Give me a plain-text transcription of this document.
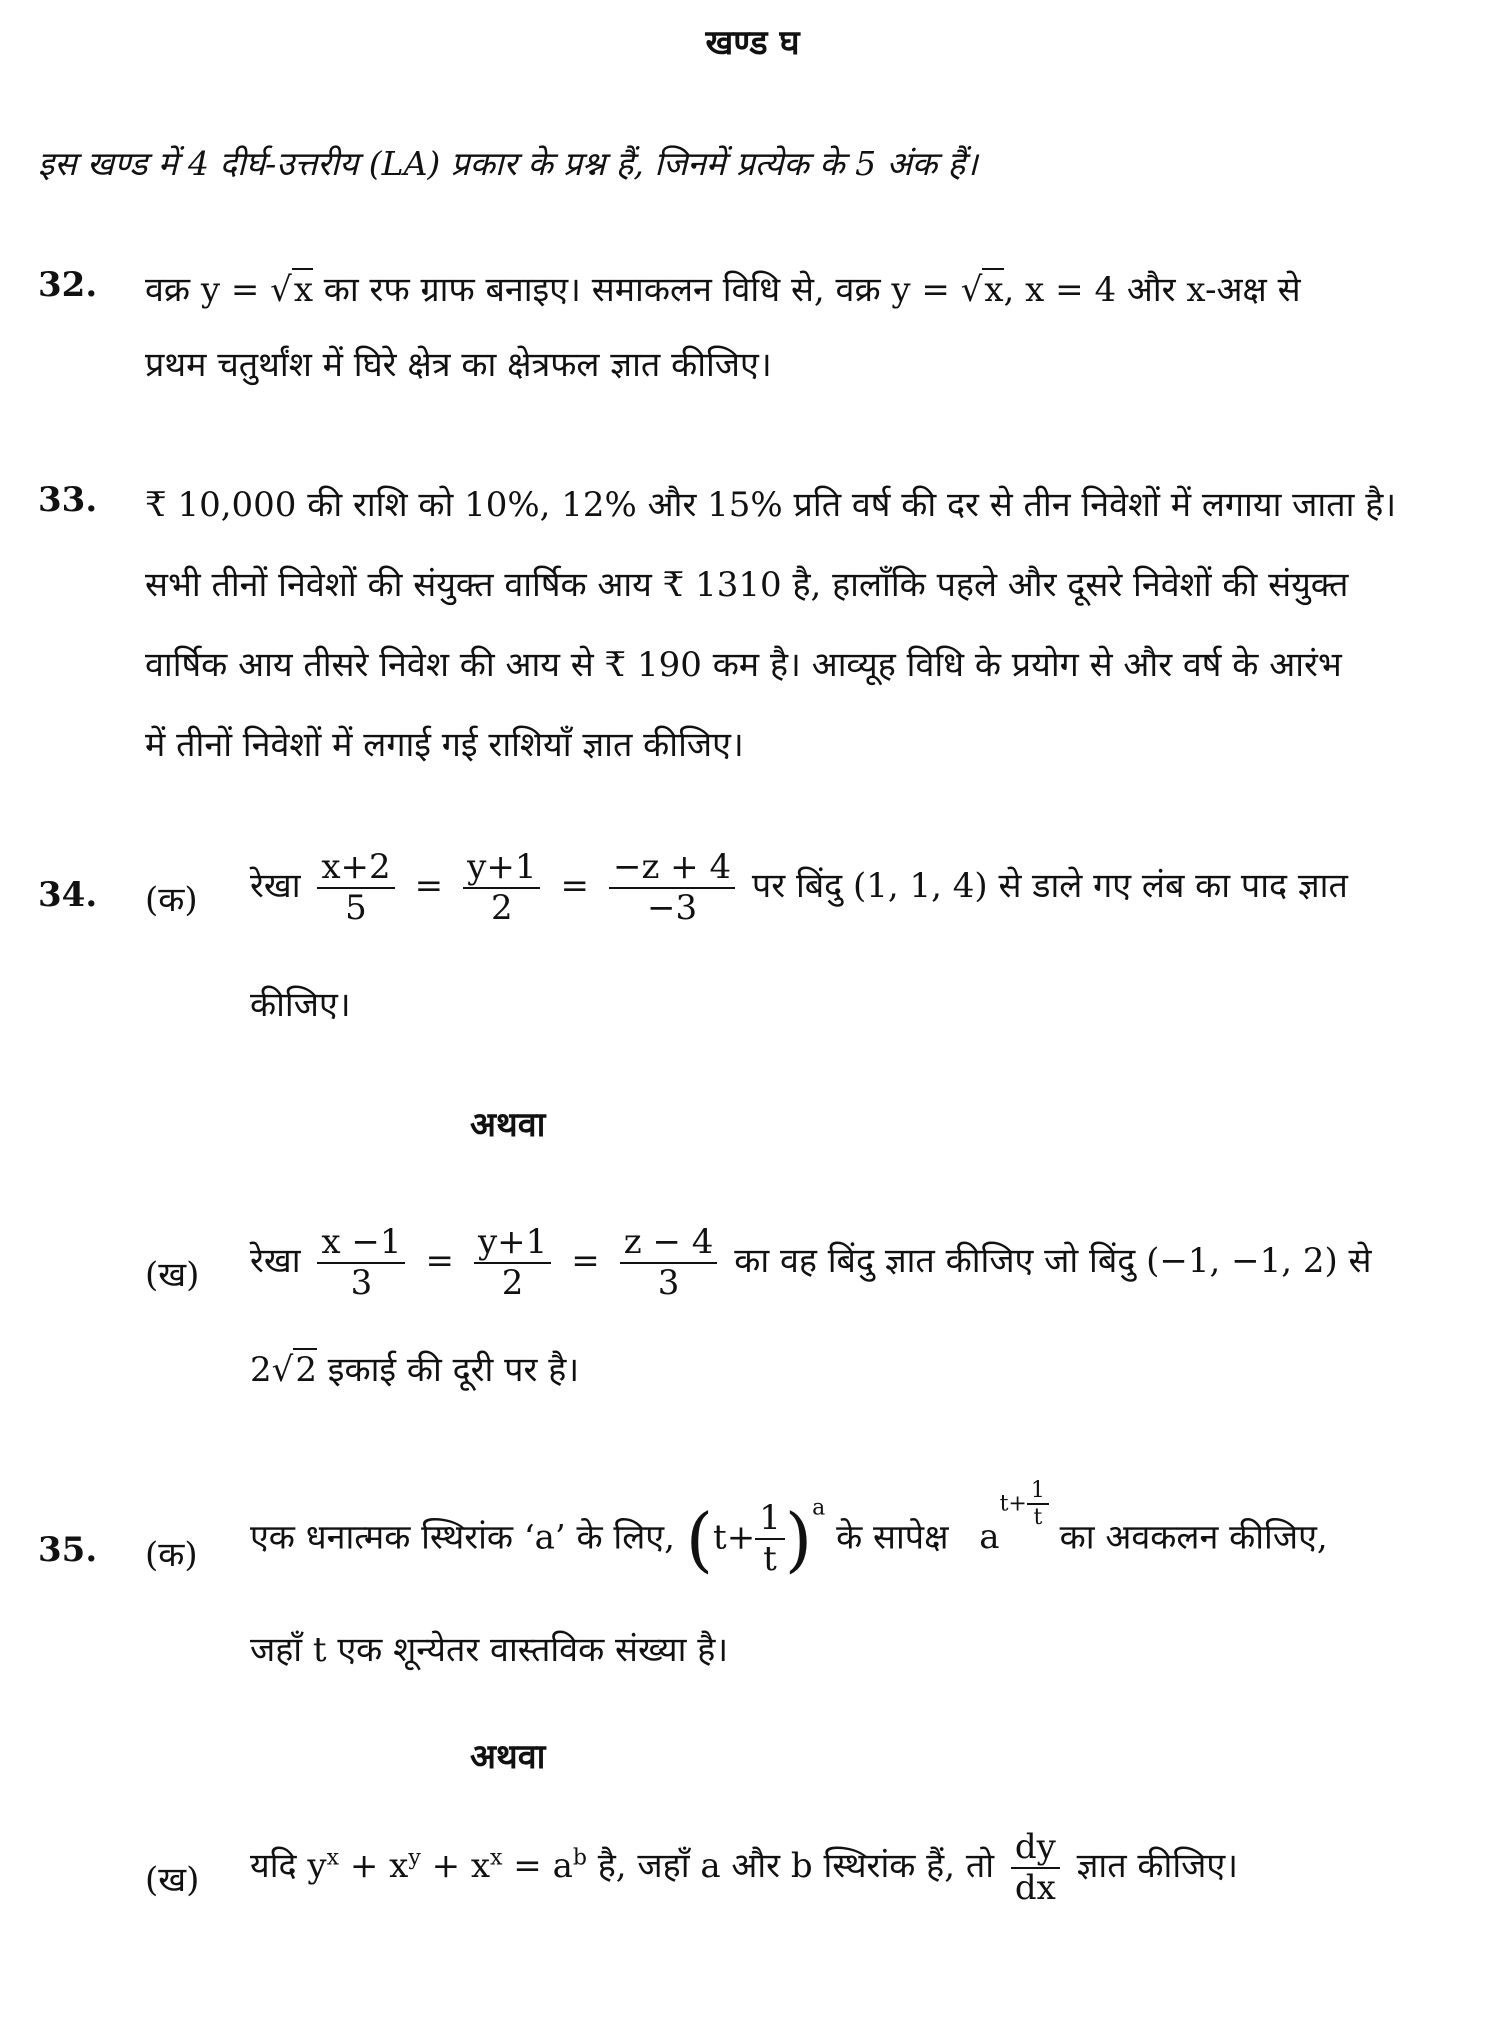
खण्ड घ
इस खण्ड में 4 दीर्घ-उत्तरीय (LA) प्रकार के प्रश्न हैं, जिनमें प्रत्येक के 5 अंक हैं।
32. वक्र y = √x का रफ ग्राफ बनाइए। समाकलन विधि से, वक्र y = √x, x = 4 और x-अक्ष से
प्रथम चतुर्थांश में घिरे क्षेत्र का क्षेत्रफल ज्ञात कीजिए।
33. ₹ 10,000 की राशि को 10%, 12% और 15% प्रति वर्ष की दर से तीन निवेशों में लगाया जाता है।
सभी तीनों निवेशों की संयुक्त वार्षिक आय ₹ 1310 है, हालाँकि पहले और दूसरे निवेशों की संयुक्त
वार्षिक आय तीसरे निवेश की आय से ₹ 190 कम है। आव्यूह विधि के प्रयोग से और वर्ष के आरंभ
में तीनों निवेशों में लगाई गई राशियाँ ज्ञात कीजिए।
34. (क) रेखा $\frac{x+2}{5} = \frac{y+1}{2} = \frac{-z + 4}{-3}$ पर बिंदु (1, 1, 4) से डाले गए लंब का पाद ज्ञात
कीजिए।
अथवा
(ख) रेखा $\frac{x -1}{3} = \frac{y+1}{2} = \frac{z - 4}{3}$ का वह बिंदु ज्ञात कीजिए जो बिंदु (−1, −1, 2) से
2√2 इकाई की दूरी पर है।
35. (क) एक धनात्मक स्थिरांक ‘a’ के लिए, $(t+ \frac{1}{t} )^a$ के सापेक्ष $at+ \frac{1}{t}$
का अवकलन कीजिए,
जहाँ t एक शून्येतर वास्तविक संख्या है।
अथवा
(ख) यदि $y^x + x^y + x^x = a^b$ है, जहाँ a और b स्थिरांक हैं, तो $\frac{dy}{dx}$ ज्ञात कीजिए।
